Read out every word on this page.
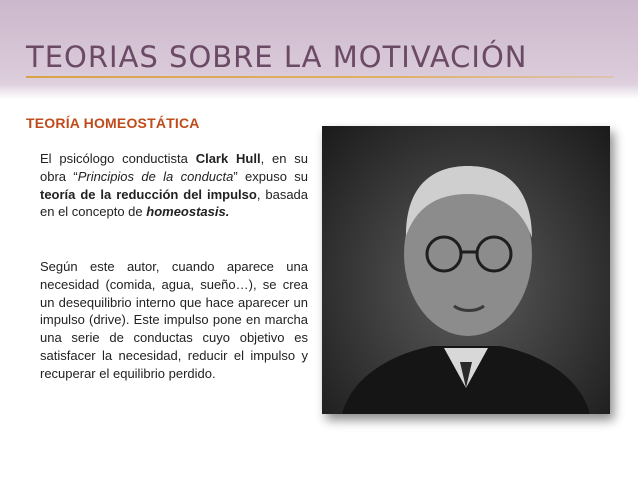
TEORIAS SOBRE LA MOTIVACIÓN
TEORÍA HOMEOSTÁTICA
El psicólogo conductista Clark Hull, en su obra “Principios de la conducta” expuso su teoría de la reducción del impulso, basada en el concepto de homeostasis.
Según este autor, cuando aparece una necesidad (comida, agua, sueño…), se crea un desequilibrio interno que hace aparecer un impulso (drive). Este impulso pone en marcha una serie de conductas cuyo objetivo es satisfacer la necesidad, reducir el impulso y recuperar el equilibrio perdido.
